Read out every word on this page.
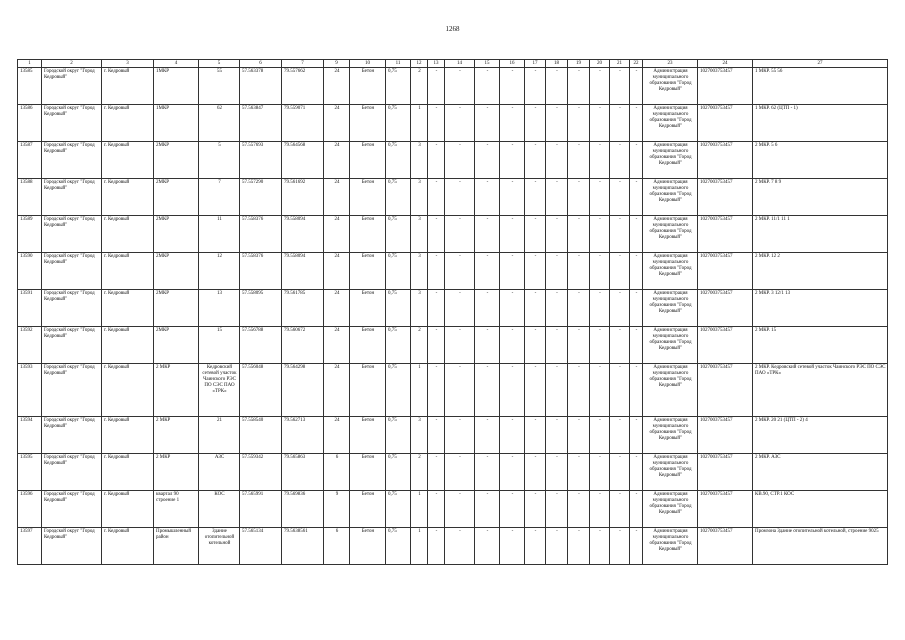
1268
1	2	3	4	5	6	7	9	10	11	12	13	14	15	16	17	18	19	20	21	22	23	24	27
13585	Городской округ "Город Кедровый"	г. Кедровый	1МКР	55	57.563378	79.557662	24	Бетон	0,75	2	-	-	-	-	-	-	-	-	-	-	Администрация муниципального образования "Город Кедровый"	1027003753457	1 МКР. 55 56
13586	Городской округ "Город Кедровый"	г. Кедровый	1МКР	62	57.563847	79.559071	24	Бетон	0,75	1	-	-	-	-	-	-	-	-	-	-	Администрация муниципального образования "Город Кедровый"	1027003753457	1 МКР. 62 (ЦТП - 1)
13587	Городской округ "Город Кедровый"	г. Кедровый	2МКР	5	57.557693	79.564568	24	Бетон	0,75	3	-	-	-	-	-	-	-	-	-	-	Администрация муниципального образования "Город Кедровый"	1027003753457	2 МКР. 5 6
13588	Городской округ "Город Кедровый"	г. Кедровый	2МКР	7	57.557290	79.561692	24	Бетон	0,75	3	-	-	-	-	-	-	-	-	-	-	Администрация муниципального образования "Город Кедровый"	1027003753457	2 МКР. 7 8 9
13589	Городской округ "Город Кедровый"	г. Кедровый	2МКР	11	57.558376	79.558094	24	Бетон	0,75	3	-	-	-	-	-	-	-	-	-	-	Администрация муниципального образования "Город Кедровый"	1027003753457	2 МКР. 11/1 11 1
13590	Городской округ "Город Кедровый"	г. Кедровый	2МКР	12	57.558376	79.558094	24	Бетон	0,75	3	-	-	-	-	-	-	-	-	-	-	Администрация муниципального образования "Город Кедровый"	1027003753457	2 МКР. 12 2
13591	Городской округ "Город Кедровый"	г. Кедровый	2МКР	13	57.558095	79.561785	24	Бетон	0,75	3	-	-	-	-	-	-	-	-	-	-	Администрация муниципального образования "Город Кедровый"	1027003753457	2 МКР. 3 12/1 13
13592	Городской округ "Город Кедровый"	г. Кедровый	2МКР	15	57.556788	79.560672	24	Бетон	0,75	2	-	-	-	-	-	-	-	-	-	-	Администрация муниципального образования "Город Кедровый"	1027003753457	2 МКР. 15
13593	Городской округ "Город Кедровый"	г. Кедровый	2 МКР	Кедровский сетевой участок Чаинского РЭС ПО СЭС ПАО «ТРК»	57.556048	79.564298	24	Бетон	0,75	1	-	-	-	-	-	-	-	-	-	-	Администрация муниципального образования "Город Кедровый"	1027003753457	2 МКР. Кедровский сетевой участок Чаинского РЭС ПО СЭС ПАО «ТРК»
13594	Городской округ "Город Кедровый"	г. Кедровый	2 МКР	21	57.558540	79.562713	24	Бетон	0,75	3	-	-	-	-	-	-	-	-	-	-	Администрация муниципального образования "Город Кедровый"	1027003753457	2 МКР. 20 21 (ЦТП - 2) 4
13595	Городской округ "Город Кедровый"	г. Кедровый	2 МКР	АЗС	57.559342	79.565863	6	Бетон	0,75	2	-	-	-	-	-	-	-	-	-	-	Администрация муниципального образования "Город Кедровый"	1027003753457	2 МКР. АЗС
13596	Городской округ "Город Кедровый"	г. Кедровый	квартал 90 строение 1	КОС	57.565991	79.569836	9	Бетон	0,75	1	-	-	-	-	-	-	-	-	-	-	Администрация муниципального образования "Город Кедровый"	1027003753457	КВ.90, СТР.1 КОС
13597	Городской округ "Город Кедровый"	г. Кедровый	Промышленный район	Здание отопительной котельной	57.565134	79.5638561	6	Бетон	0,75	1	-	-	-	-	-	-	-	-	-	-	Администрация муниципального образования "Город Кедровый"	1027003753457	Промзона Здание отопительной котельной, строение 9025
